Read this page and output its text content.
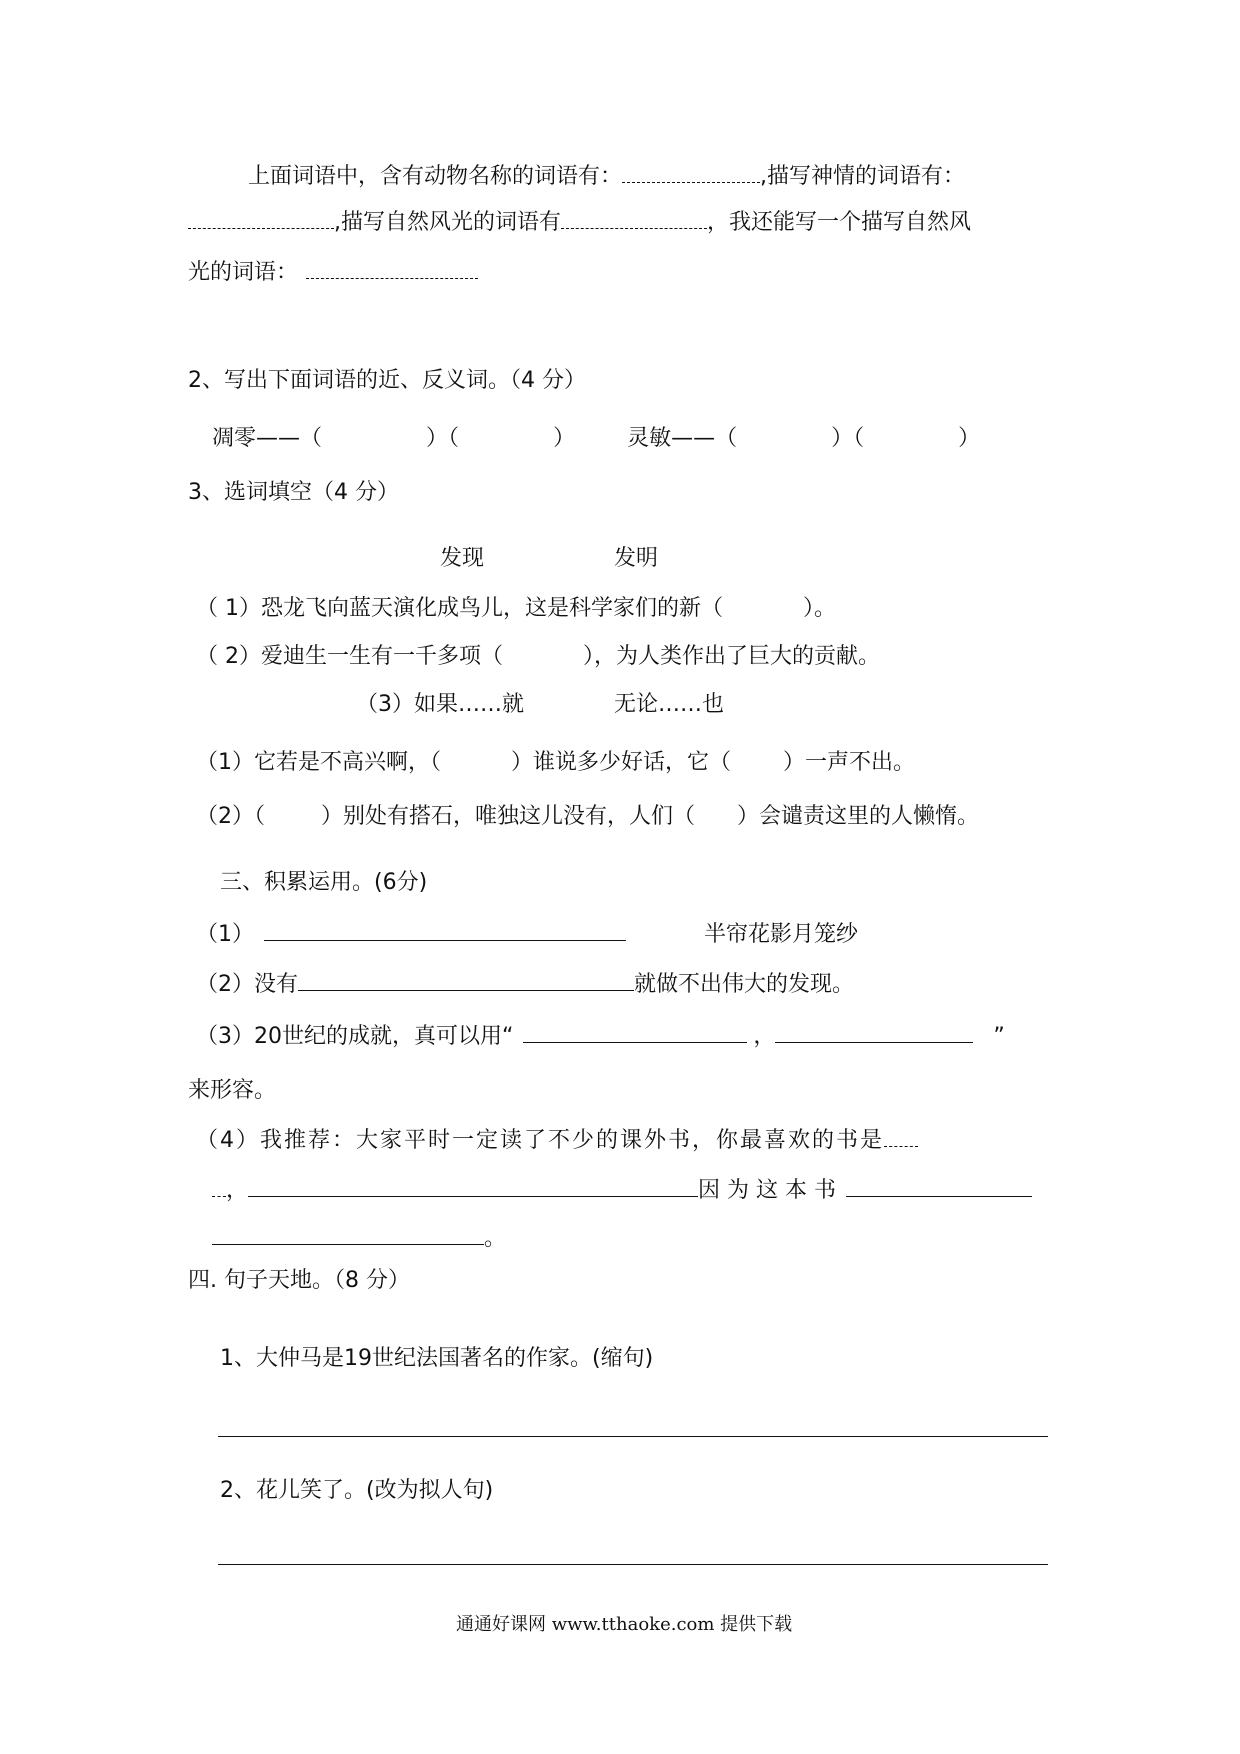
上面词语中，含有动物名称的词语有：	,描写神情的词语有：
,描写自然风光的词语有	，我还能写一个描写自然风
光的词语：
2、写出下面词语的近、反义词。（4 分）
凋零——（	）（	） 灵敏——（	）（	）
3、选词填空（4 分）
发现	发明
（ 1）恐龙飞向蓝天演化成鸟儿，这是科学家们的新（	）。
（ 2）爱迪生一生有一千多项（	），为人类作出了巨大的贡献。
（3）如果……就	无论……也
（1）它若是不高兴啊，（	）谁说多少好话，它（ ）一声不出。
（2）（	）别处有搭石，唯独这儿没有，人们（ ）会谴责这里的人懒惰。
三、积累运用。(6分)
（1）	半帘花影月笼纱
（2）没有	就做不出伟大的发现。
（3）20世纪的成就，真可以用“	，	”
来形容。
（4）我推荐：大家平时一定读了不少的课外书，你最喜欢的书是
，	因 为 这 本 书
。
四. 句子天地。（8 分）
1、大仲马是19世纪法国著名的作家。(缩句)
2、花儿笑了。(改为拟人句)
通通好课网 www.tthaoke.com 提供下载
